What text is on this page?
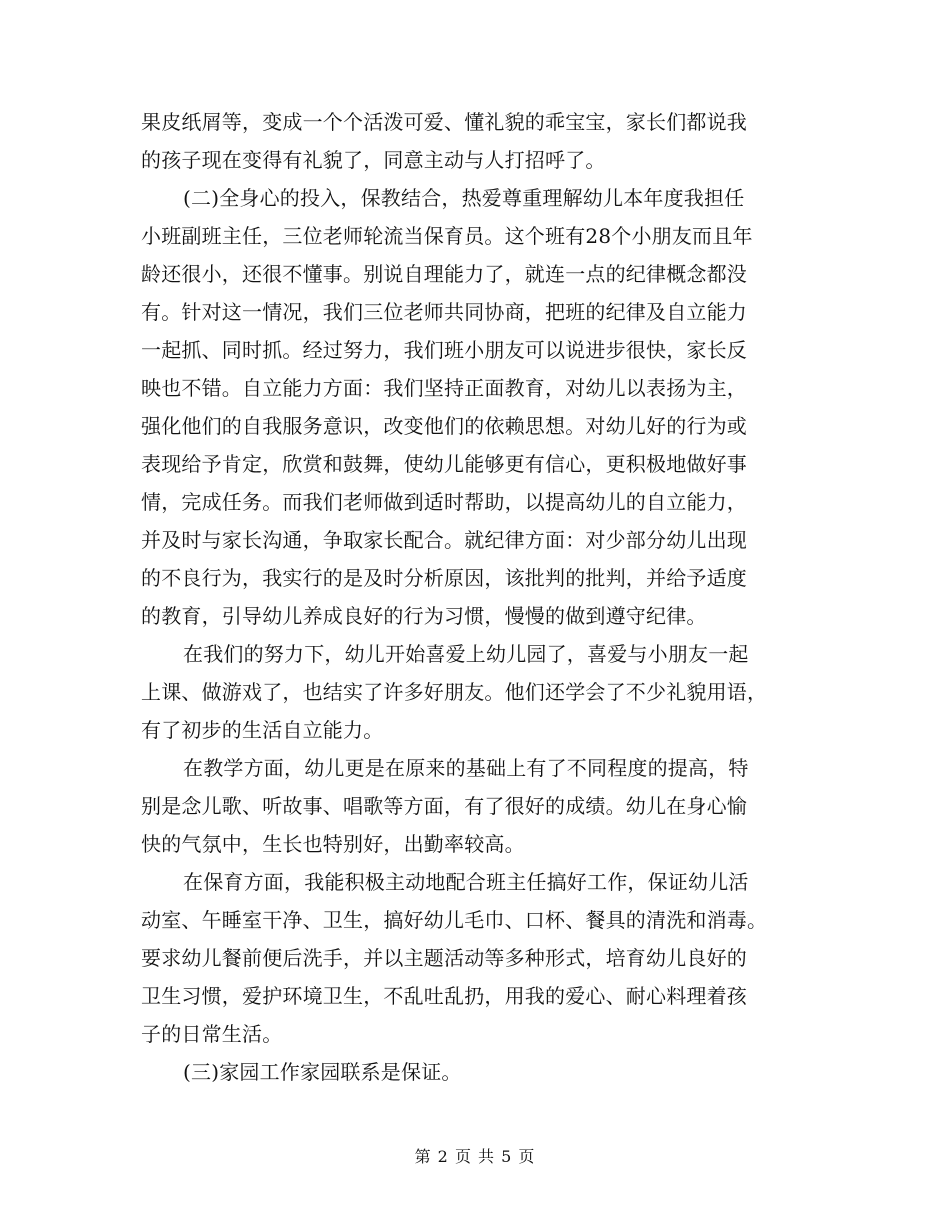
果皮纸屑等，变成一个个活泼可爱、懂礼貌的乖宝宝，家长们都说我
的孩子现在变得有礼貌了，同意主动与人打招呼了。
(二)全身心的投入，保教结合，热爱尊重理解幼儿本年度我担任
小班副班主任，三位老师轮流当保育员。这个班有28个小朋友而且年
龄还很小，还很不懂事。别说自理能力了，就连一点的纪律概念都没
有。针对这一情况，我们三位老师共同协商，把班的纪律及自立能力
一起抓、同时抓。经过努力，我们班小朋友可以说进步很快，家长反
映也不错。自立能力方面：我们坚持正面教育，对幼儿以表扬为主，
强化他们的自我服务意识，改变他们的依赖思想。对幼儿好的行为或
表现给予肯定，欣赏和鼓舞，使幼儿能够更有信心，更积极地做好事
情，完成任务。而我们老师做到适时帮助，以提高幼儿的自立能力，
并及时与家长沟通，争取家长配合。就纪律方面：对少部分幼儿出现
的不良行为，我实行的是及时分析原因，该批判的批判，并给予适度
的教育，引导幼儿养成良好的行为习惯，慢慢的做到遵守纪律。
在我们的努力下，幼儿开始喜爱上幼儿园了，喜爱与小朋友一起
上课、做游戏了，也结实了许多好朋友。他们还学会了不少礼貌用语，
有了初步的生活自立能力。
在教学方面，幼儿更是在原来的基础上有了不同程度的提高，特
别是念儿歌、听故事、唱歌等方面，有了很好的成绩。幼儿在身心愉
快的气氛中，生长也特别好，出勤率较高。
在保育方面，我能积极主动地配合班主任搞好工作，保证幼儿活
动室、午睡室干净、卫生，搞好幼儿毛巾、口杯、餐具的清洗和消毒。
要求幼儿餐前便后洗手，并以主题活动等多种形式，培育幼儿良好的
卫生习惯，爱护环境卫生，不乱吐乱扔，用我的爱心、耐心料理着孩
子的日常生活。
(三)家园工作家园联系是保证。
第 2 页 共 5 页
